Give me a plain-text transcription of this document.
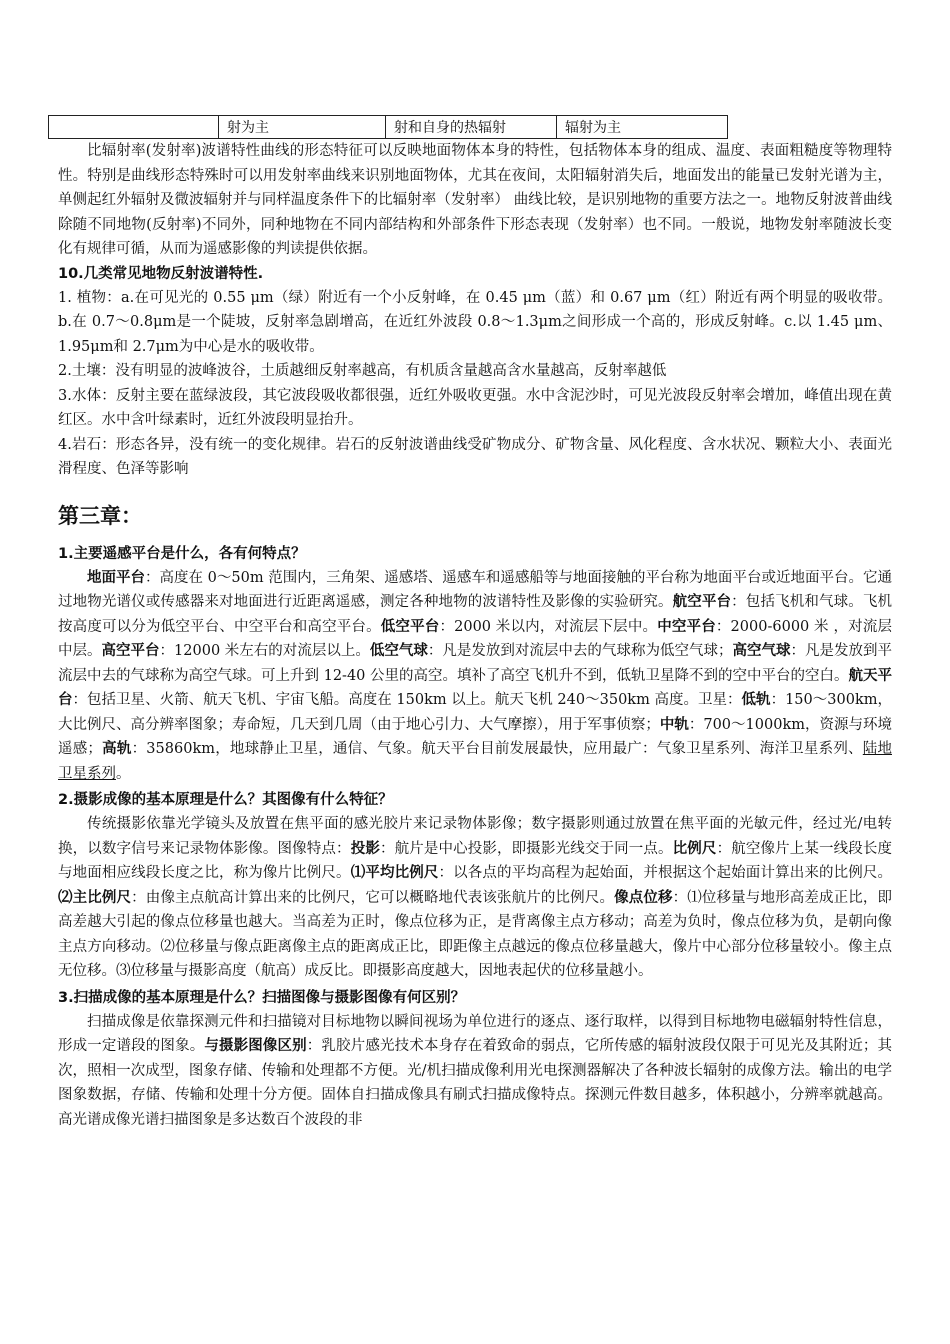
	射为主	射和自身的热辐射	辐射为主

比辐射率(发射率)波谱特性曲线的形态特征可以反映地面物体本身的特性，包括物体本身的组成、温度、表面粗糙度等物理特性。特别是曲线形态特殊时可以用发射率曲线来识别地面物体，尤其在夜间，太阳辐射消失后，地面发出的能量已发射光谱为主，单侧起红外辐射及微波辐射并与同样温度条件下的比辐射率（发射率） 曲线比较，是识别地物的重要方法之一。地物反射波普曲线除随不同地物(反射率)不同外，同种地物在不同内部结构和外部条件下形态表现（发射率）也不同。一般说，地物发射率随波长变化有规律可循，从而为遥感影像的判读提供依据。

10.几类常见地物反射波谱特性.

1. 植物：a.在可见光的 0.55 μm（绿）附近有一个小反射峰，在 0.45 μm（蓝）和 0.67 μm（红）附近有两个明显的吸收带。b.在 0.7～0.8μm是一个陡坡，反射率急剧增高，在近红外波段 0.8～1.3μm之间形成一个高的，形成反射峰。c.以 1.45 μm、1.95μm和 2.7μm为中心是水的吸收带。

2.土壤：没有明显的波峰波谷，土质越细反射率越高，有机质含量越高含水量越高，反射率越低

3.水体：反射主要在蓝绿波段，其它波段吸收都很强，近红外吸收更强。水中含泥沙时，可见光波段反射率会增加，峰值出现在黄红区。水中含叶绿素时，近红外波段明显抬升。

4.岩石：形态各异，没有统一的变化规律。岩石的反射波谱曲线受矿物成分、矿物含量、风化程度、含水状况、颗粒大小、表面光滑程度、色泽等影响

第三章：

1.主要遥感平台是什么，各有何特点？

地面平台：高度在 0～50m 范围内，三角架、遥感塔、遥感车和遥感船等与地面接触的平台称为地面平台或近地面平台。它通过地物光谱仪或传感器来对地面进行近距离遥感，测定各种地物的波谱特性及影像的实验研究。航空平台：包括飞机和气球。飞机按高度可以分为低空平台、中空平台和高空平台。低空平台：2000 米以内，对流层下层中。中空平台：2000-6000 米 ，对流层中层。高空平台：12000 米左右的对流层以上。低空气球：凡是发放到对流层中去的气球称为低空气球；高空气球：凡是发放到平流层中去的气球称为高空气球。可上升到 12-40 公里的高空。填补了高空飞机升不到，低轨卫星降不到的空中平台的空白。航天平台：包括卫星、火箭、航天飞机、宇宙飞船。高度在 150km 以上。航天飞机 240～350km 高度。卫星：低轨：150～300km，大比例尺、高分辨率图象；寿命短，几天到几周（由于地心引力、大气摩擦），用于军事侦察；中轨：700～1000km，资源与环境遥感；高轨：35860km，地球静止卫星，通信、气象。航天平台目前发展最快，应用最广：气象卫星系列、海洋卫星系列、陆地卫星系列。

2.摄影成像的基本原理是什么？其图像有什么特征？

传统摄影依靠光学镜头及放置在焦平面的感光胶片来记录物体影像；数字摄影则通过放置在焦平面的光敏元件，经过光/电转换，以数字信号来记录物体影像。图像特点：投影：航片是中心投影，即摄影光线交于同一点。比例尺：航空像片上某一线段长度与地面相应线段长度之比，称为像片比例尺。⑴平均比例尺：以各点的平均高程为起始面，并根据这个起始面计算出来的比例尺。 ⑵主比例尺：由像主点航高计算出来的比例尺，它可以概略地代表该张航片的比例尺。像点位移：⑴位移量与地形高差成正比，即高差越大引起的像点位移量也越大。当高差为正时，像点位移为正，是背离像主点方移动；高差为负时，像点位移为负，是朝向像主点方向移动。⑵位移量与像点距离像主点的距离成正比，即距像主点越远的像点位移量越大，像片中心部分位移量较小。像主点无位移。⑶位移量与摄影高度（航高）成反比。即摄影高度越大，因地表起伏的位移量越小。

3.扫描成像的基本原理是什么？扫描图像与摄影图像有何区别？

扫描成像是依靠探测元件和扫描镜对目标地物以瞬间视场为单位进行的逐点、逐行取样，以得到目标地物电磁辐射特性信息，形成一定谱段的图象。与摄影图像区别：乳胶片感光技术本身存在着致命的弱点，它所传感的辐射波段仅限于可见光及其附近；其次，照相一次成型，图象存储、传输和处理都不方便。光/机扫描成像利用光电探测器解决了各种波长辐射的成像方法。输出的电学图象数据，存储、传输和处理十分方便。固体自扫描成像具有刷式扫描成像特点。探测元件数目越多，体积越小，分辨率就越高。高光谱成像光谱扫描图象是多达数百个波段的非
